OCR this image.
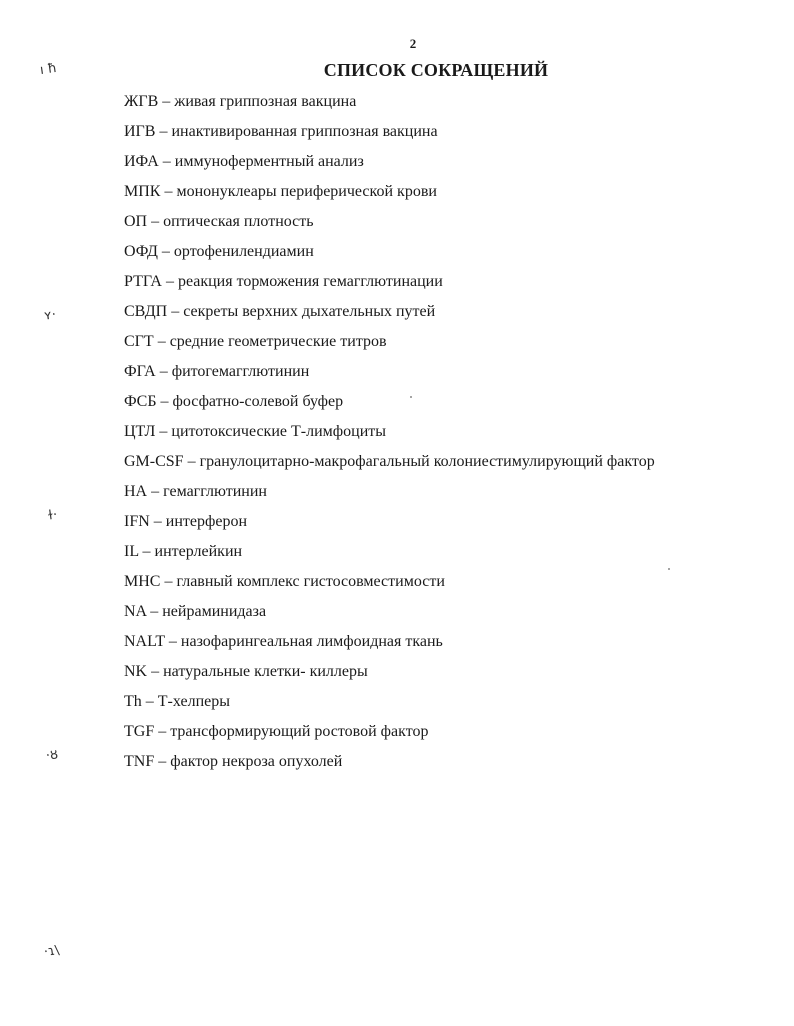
2
СПИСОК СОКРАЩЕНИЙ
ЖГВ – живая гриппозная вакцина
ИГВ – инактивированная гриппозная вакцина
ИФА – иммуноферментный анализ
МПК – мононуклеары периферической крови
ОП – оптическая плотность
ОФД – ортофенилендиамин
РТГА – реакция торможения гемагглютинации
СВДП – секреты верхних дыхательных путей
СГТ – средние геометрические титров
ФГА – фитогемагглютинин
ФСБ – фосфатно-солевой буфер
ЦТЛ – цитотоксические Т-лимфоциты
GM-CSF – гранулоцитарно-макрофагальный колониестимулирующий фактор
НА – гемагглютинин
IFN – интерферон
IL – интерлейкин
МНС – главный комплекс гистосовместимости
NA – нейраминидаза
NALT – назофарингеальная лимфоидная ткань
NK – натуральные клетки- киллеры
Th – Т-хелперы
TGF – трансформирующий ростовой фактор
TNF – фактор некроза опухолей
ı ħ
ʏ·
ɫ·
·ȣ
·ɿ\
